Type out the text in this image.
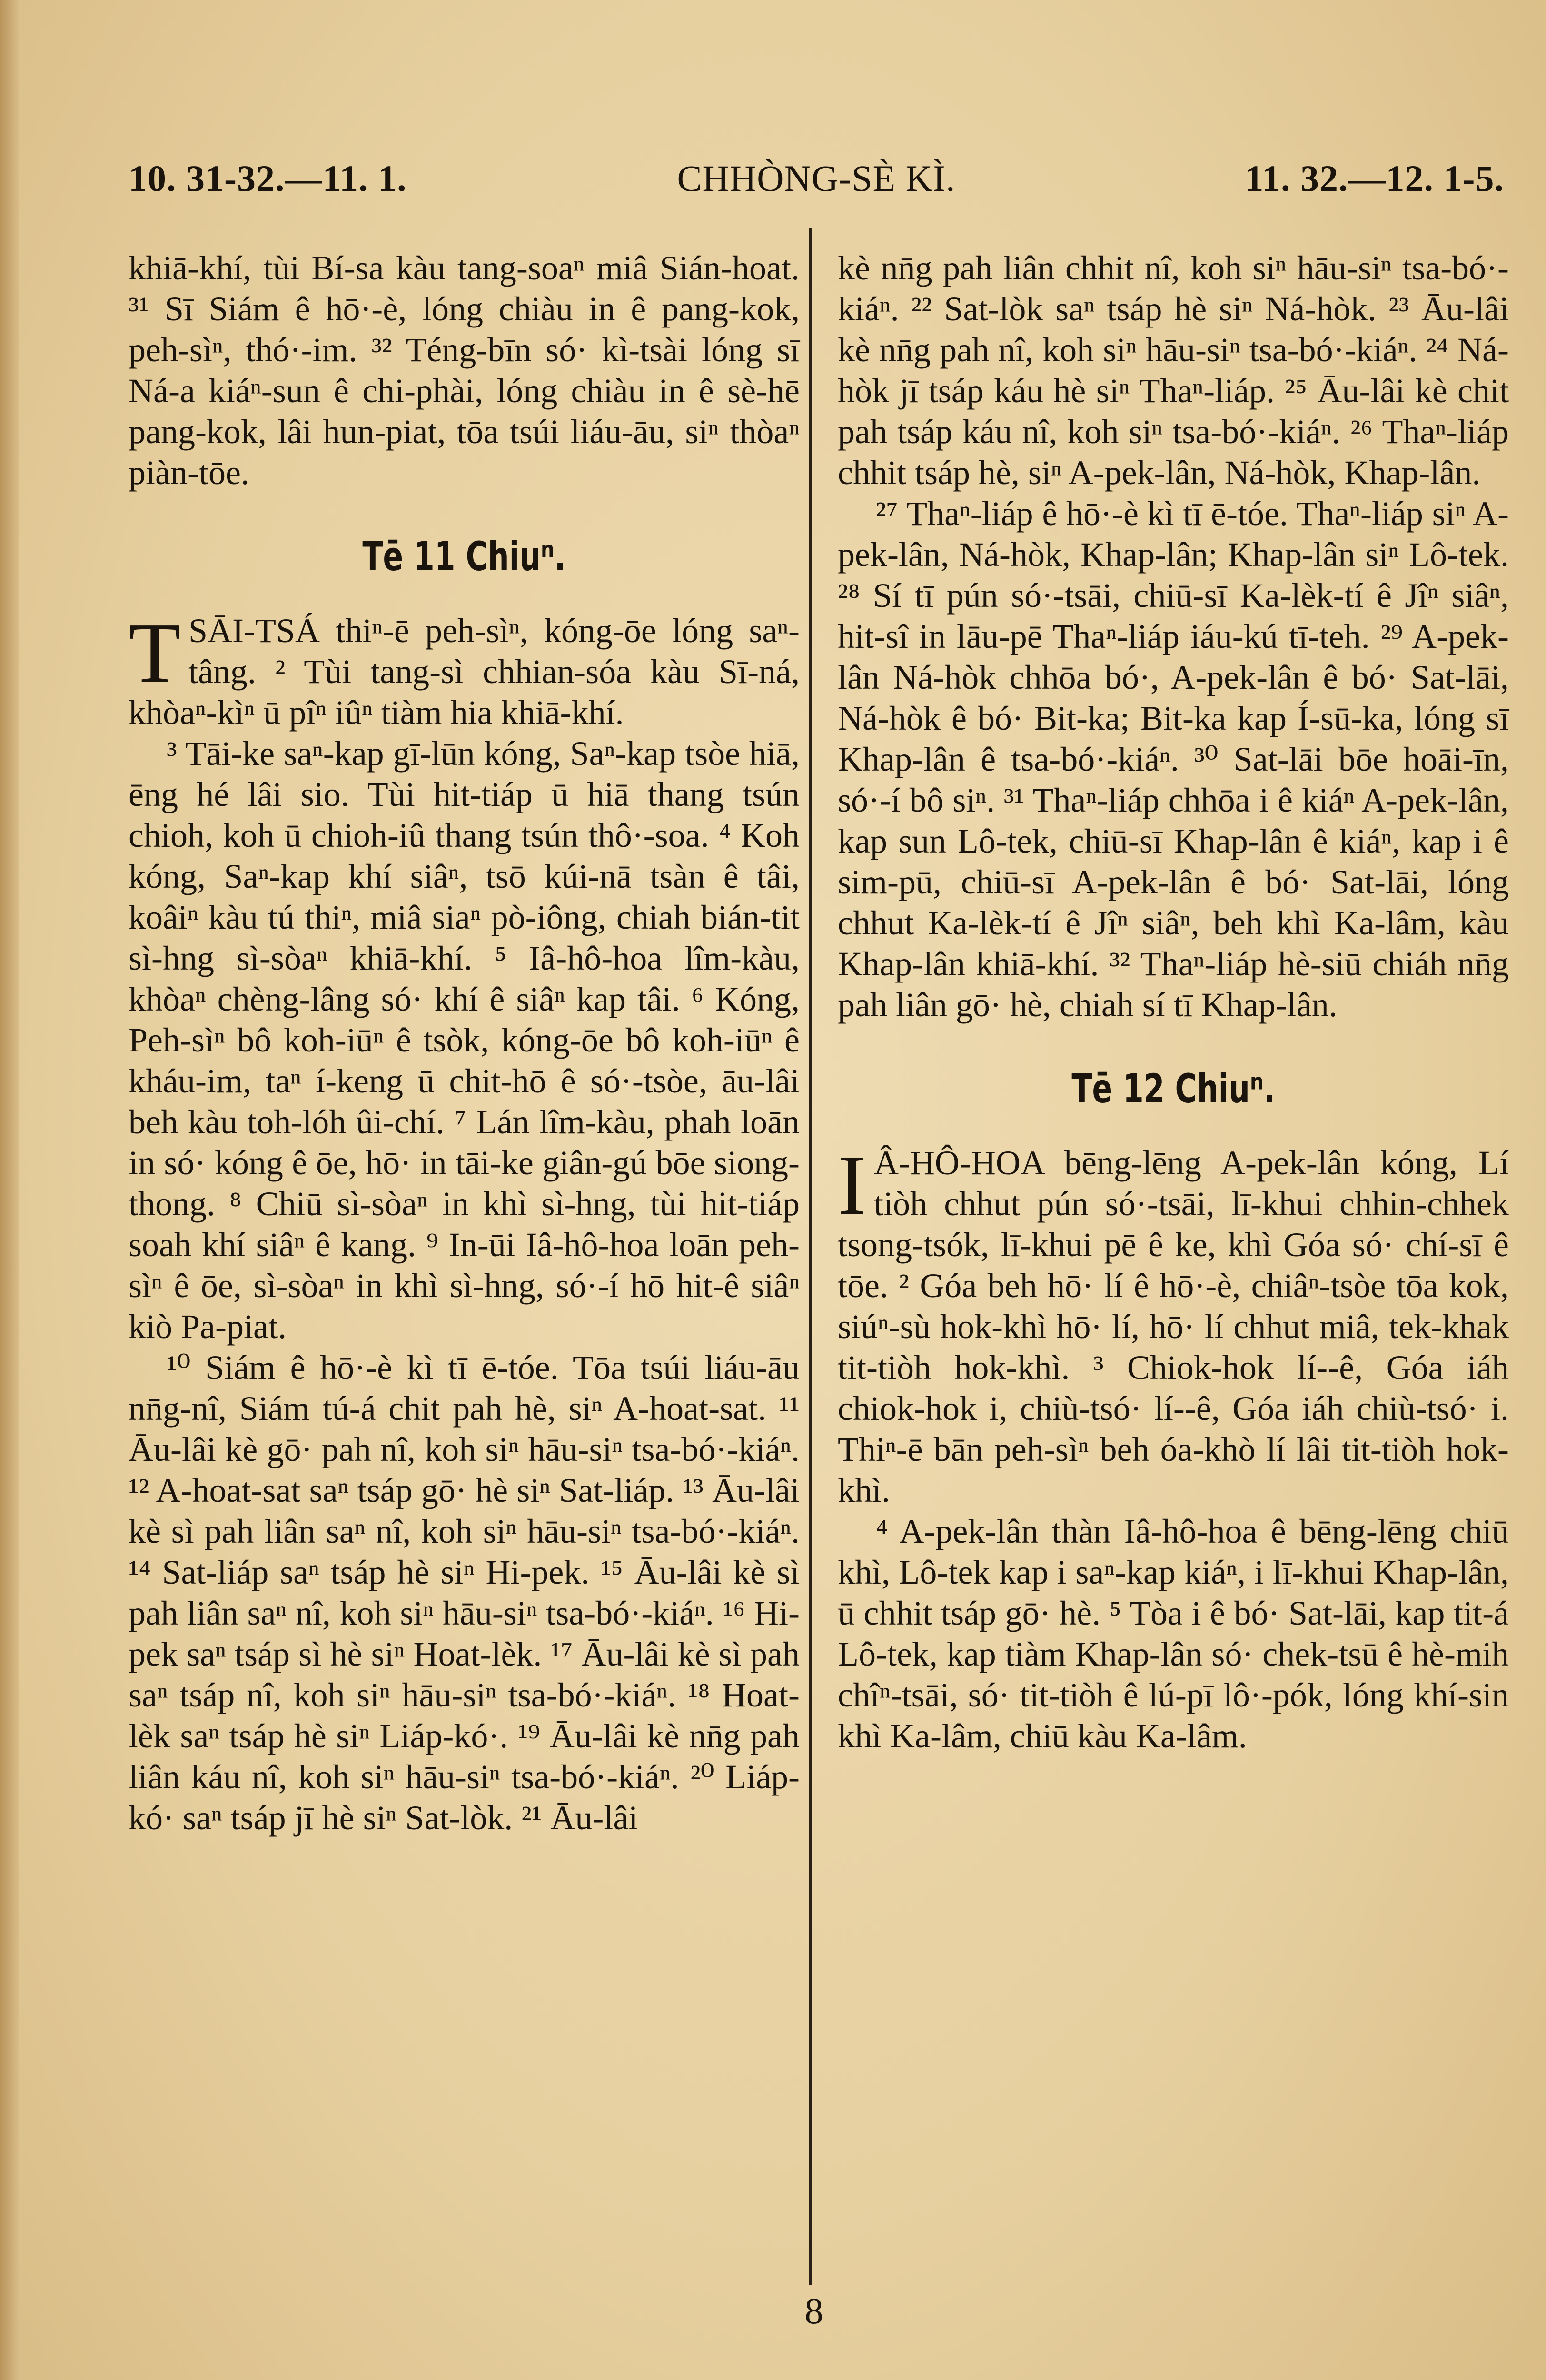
CHHÒNG-SÈ KÌ.
10. 31-32.—11. 1.	11. 32.—12. 1-5.

khiā-khí, tùi Bí-sa kàu tang-soaⁿ miâ Sián-hoat. ³¹ Sī Siám ê hō·-è, lóng chiàu in ê pang-kok, peh-sìⁿ, thó·-im. ³² Téng-bīn só· kì-tsài lóng sī Ná-a kiáⁿ-sun ê chi-phài, lóng chiàu in ê sè-hē pang-kok, lâi hun-piat, tōa tsúi liáu-āu, siⁿ thòaⁿ piàn-tōe.

Tē 11 Chiuⁿ.

T SĀI-TSÁ thiⁿ-ē peh-sìⁿ, kóng-ōe lóng saⁿ-tâng. ² Tùi tang-sì chhian-sóa kàu Sī-ná, khòaⁿ-kìⁿ ū pîⁿ iûⁿ tiàm hia khiā-khí.

³ Tāi-ke saⁿ-kap gī-lūn kóng, Saⁿ-kap tsòe hiā, ēng hé lâi sio. Tùi hit-tiáp ū hiā thang tsún chioh, koh ū chioh-iû thang tsún thô·-soa. ⁴ Koh kóng, Saⁿ-kap khí siâⁿ, tsō kúi-nā tsàn ê tâi, koâiⁿ kàu tú thiⁿ, miâ siaⁿ pò-iông, chiah bián-tit sì-hng sì-sòaⁿ khiā-khí. ⁵ Iâ-hô-hoa lîm-kàu, khòaⁿ chèng-lâng só· khí ê siâⁿ kap tâi. ⁶ Kóng, Peh-sìⁿ bô koh-iūⁿ ê tsòk, kóng-ōe bô koh-iūⁿ ê kháu-im, taⁿ í-keng ū chit-hō ê só·-tsòe, āu-lâi beh kàu toh-lóh ûi-chí. ⁷ Lán lîm-kàu, phah loān in só· kóng ê ōe, hō· in tāi-ke giân-gú bōe siong-thong. ⁸ Chiū sì-sòaⁿ in khì sì-hng, tùi hit-tiáp soah khí siâⁿ ê kang. ⁹ In-ūi Iâ-hô-hoa loān peh-sìⁿ ê ōe, sì-sòaⁿ in khì sì-hng, só·-í hō hit-ê siâⁿ kiò Pa-piat.

¹⁰ Siám ê hō·-è kì tī ē-tóe. Tōa tsúi liáu-āu nn̄g-nî, Siám tú-á chit pah hè, siⁿ A-hoat-sat. ¹¹ Āu-lâi kè gō· pah nî, koh siⁿ hāu-siⁿ tsa-bó·-kiáⁿ. ¹² A-hoat-sat saⁿ tsáp gō· hè siⁿ Sat-liáp. ¹³ Āu-lâi kè sì pah liân saⁿ nî, koh siⁿ hāu-siⁿ tsa-bó·-kiáⁿ. ¹⁴ Sat-liáp saⁿ tsáp hè siⁿ Hi-pek. ¹⁵ Āu-lâi kè sì pah liân saⁿ nî, koh siⁿ hāu-siⁿ tsa-bó·-kiáⁿ. ¹⁶ Hi-pek saⁿ tsáp sì hè siⁿ Hoat-lèk. ¹⁷ Āu-lâi kè sì pah saⁿ tsáp nî, koh siⁿ hāu-siⁿ tsa-bó·-kiáⁿ. ¹⁸ Hoat-lèk saⁿ tsáp hè siⁿ Liáp-kó·. ¹⁹ Āu-lâi kè nn̄g pah liân káu nî, koh siⁿ hāu-siⁿ tsa-bó·-kiáⁿ. ²⁰ Liáp-kó· saⁿ tsáp jī hè siⁿ Sat-lòk. ²¹ Āu-lâi

kè nn̄g pah liân chhit nî, koh siⁿ hāu-siⁿ tsa-bó·-kiáⁿ. ²² Sat-lòk saⁿ tsáp hè siⁿ Ná-hòk. ²³ Āu-lâi kè nn̄g pah nî, koh siⁿ hāu-siⁿ tsa-bó·-kiáⁿ. ²⁴ Ná-hòk jī tsáp káu hè siⁿ Thaⁿ-liáp. ²⁵ Āu-lâi kè chit pah tsáp káu nî, koh siⁿ tsa-bó·-kiáⁿ. ²⁶ Thaⁿ-liáp chhit tsáp hè, siⁿ A-pek-lân, Ná-hòk, Khap-lân.

²⁷ Thaⁿ-liáp ê hō·-è kì tī ē-tóe. Thaⁿ-liáp siⁿ A-pek-lân, Ná-hòk, Khap-lân; Khap-lân siⁿ Lô-tek. ²⁸ Sí tī pún só·-tsāi, chiū-sī Ka-lèk-tí ê Jîⁿ siâⁿ, hit-sî in lāu-pē Thaⁿ-liáp iáu-kú tī-teh. ²⁹ A-pek-lân Ná-hòk chhōa bó·, A-pek-lân ê bó· Sat-lāi, Ná-hòk ê bó· Bit-ka; Bit-ka kap Í-sū-ka, lóng sī Khap-lân ê tsa-bó·-kiáⁿ. ³⁰ Sat-lāi bōe hoāi-īn, só·-í bô siⁿ. ³¹ Thaⁿ-liáp chhōa i ê kiáⁿ A-pek-lân, kap sun Lô-tek, chiū-sī Khap-lân ê kiáⁿ, kap i ê sim-pū, chiū-sī A-pek-lân ê bó· Sat-lāi, lóng chhut Ka-lèk-tí ê Jîⁿ siâⁿ, beh khì Ka-lâm, kàu Khap-lân khiā-khí. ³² Thaⁿ-liáp hè-siū chiáh nn̄g pah liân gō· hè, chiah sí tī Khap-lân.

Tē 12 Chiuⁿ.

I Â-HÔ-HOA bēng-lēng A-pek-lân kóng, Lí tiòh chhut pún só·-tsāi, lī-khui chhin-chhek tsong-tsók, lī-khui pē ê ke, khì Góa só· chí-sī ê tōe. ² Góa beh hō· lí ê hō·-è, chiâⁿ-tsòe tōa kok, siúⁿ-sù hok-khì hō· lí, hō· lí chhut miâ, tek-khak tit-tiòh hok-khì. ³ Chiok-hok lí--ê, Góa iáh chiok-hok i, chiù-tsó· lí--ê, Góa iáh chiù-tsó· i. Thiⁿ-ē bān peh-sìⁿ beh óa-khò lí lâi tit-tiòh hok-khì.

⁴ A-pek-lân thàn Iâ-hô-hoa ê bēng-lēng chiū khì, Lô-tek kap i saⁿ-kap kiáⁿ, i lī-khui Khap-lân, ū chhit tsáp gō· hè. ⁵ Tòa i ê bó· Sat-lāi, kap tit-á Lô-tek, kap tiàm Khap-lân só· chek-tsū ê hè-mih chîⁿ-tsāi, só· tit-tiòh ê lú-pī lô·-pók, lóng khí-sin khì Ka-lâm, chiū kàu Ka-lâm.

8
